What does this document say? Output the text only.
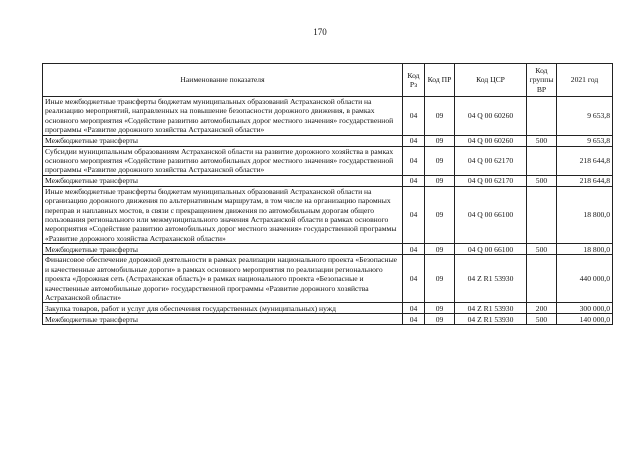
170
Наименование показателя	Код Рз	Код ПР	Код ЦСР	Код группы ВР	2021 год
Иные межбюджетные трансферты бюджетам муниципальных образований Астраханской области на реализацию мероприятий, направленных на повышение безопасности дорожного движения, в рамках основного мероприятия «Содействие развитию автомобильных дорог местного значения» государственной программы «Развитие дорожного хозяйства Астраханской области»	04	09	04 Q 00 60260		9 653,8
Межбюджетные трансферты	04	09	04 Q 00 60260	500	9 653,8
Субсидии муниципальным образованиям Астраханской области на развитие дорожного хозяйства в рамках основного мероприятия «Содействие развитию автомобильных дорог местного значения» государственной программы «Развитие дорожного хозяйства Астраханской области»	04	09	04 Q 00 62170		218 644,8
Межбюджетные трансферты	04	09	04 Q 00 62170	500	218 644,8
Иные межбюджетные трансферты бюджетам муниципальных образований Астраханской области на организацию дорожного движения по альтернативным маршрутам, в том числе на организацию паромных переправ и наплавных мостов, в связи с прекращением движения по автомобильным дорогам общего пользования регионального или межмуниципального значения Астраханской области в рамках основного мероприятия «Содействие развитию автомобильных дорог местного значения» государственной программы «Развитие дорожного хозяйства Астраханской области»	04	09	04 Q 00 66100		18 800,0
Межбюджетные трансферты	04	09	04 Q 00 66100	500	18 800,0
Финансовое обеспечение дорожной деятельности в рамках реализации национального проекта «Безопасные и качественные автомобильные дороги» в рамках основного мероприятия по реализации регионального проекта «Дорожная сеть (Астраханская область)» в рамках национального проекта «Безопасные и качественные автомобильные дороги» государственной программы «Развитие дорожного хозяйства Астраханской области»	04	09	04 Z R1 53930		440 000,0
Закупка товаров, работ и услуг для обеспечения государственных (муниципальных) нужд	04	09	04 Z R1 53930	200	300 000,0
Межбюджетные трансферты	04	09	04 Z R1 53930	500	140 000,0
